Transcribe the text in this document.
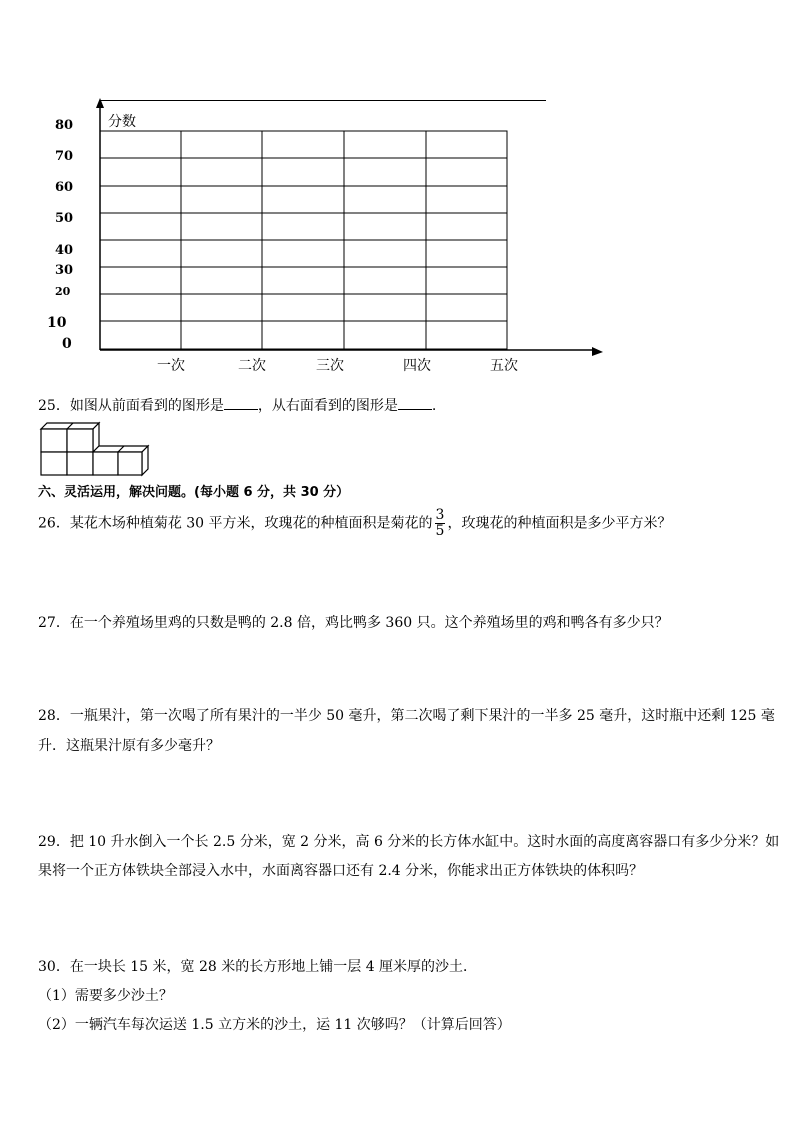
分数
80
70
60
50
40
30
20
10
0
一次	二次	三次	四次	五次
25．如图从前面看到的图形是 ，从右面看到的图形是 .
六、灵活运用，解决问题。(每小题 6 分，共 30 分）
26．某花木场种植菊花 30 平方米，玫瑰花的种植面积是菊花的 $\frac{3}{5}$ ，玫瑰花的种植面积是多少平方米？
27．在一个养殖场里鸡的只数是鸭的 2.8 倍，鸡比鸭多 360 只。这个养殖场里的鸡和鸭各有多少只？
28．一瓶果汁，第一次喝了所有果汁的一半少 50 毫升，第二次喝了剩下果汁的一半多 25 毫升，这时瓶中还剩 125 毫
升．这瓶果汁原有多少毫升？
29．把 10 升水倒入一个长 2.5 分米，宽 2 分米，高 6 分米的长方体水缸中。这时水面的高度离容器口有多少分米？如
果将一个正方体铁块全部浸入水中，水面离容器口还有 2.4 分米，你能求出正方体铁块的体积吗？
30．在一块长 15 米，宽 28 米的长方形地上铺一层 4 厘米厚的沙土．
（1）需要多少沙土？
（2）一辆汽车每次运送 1.5 立方米的沙土，运 11 次够吗？（计算后回答）
